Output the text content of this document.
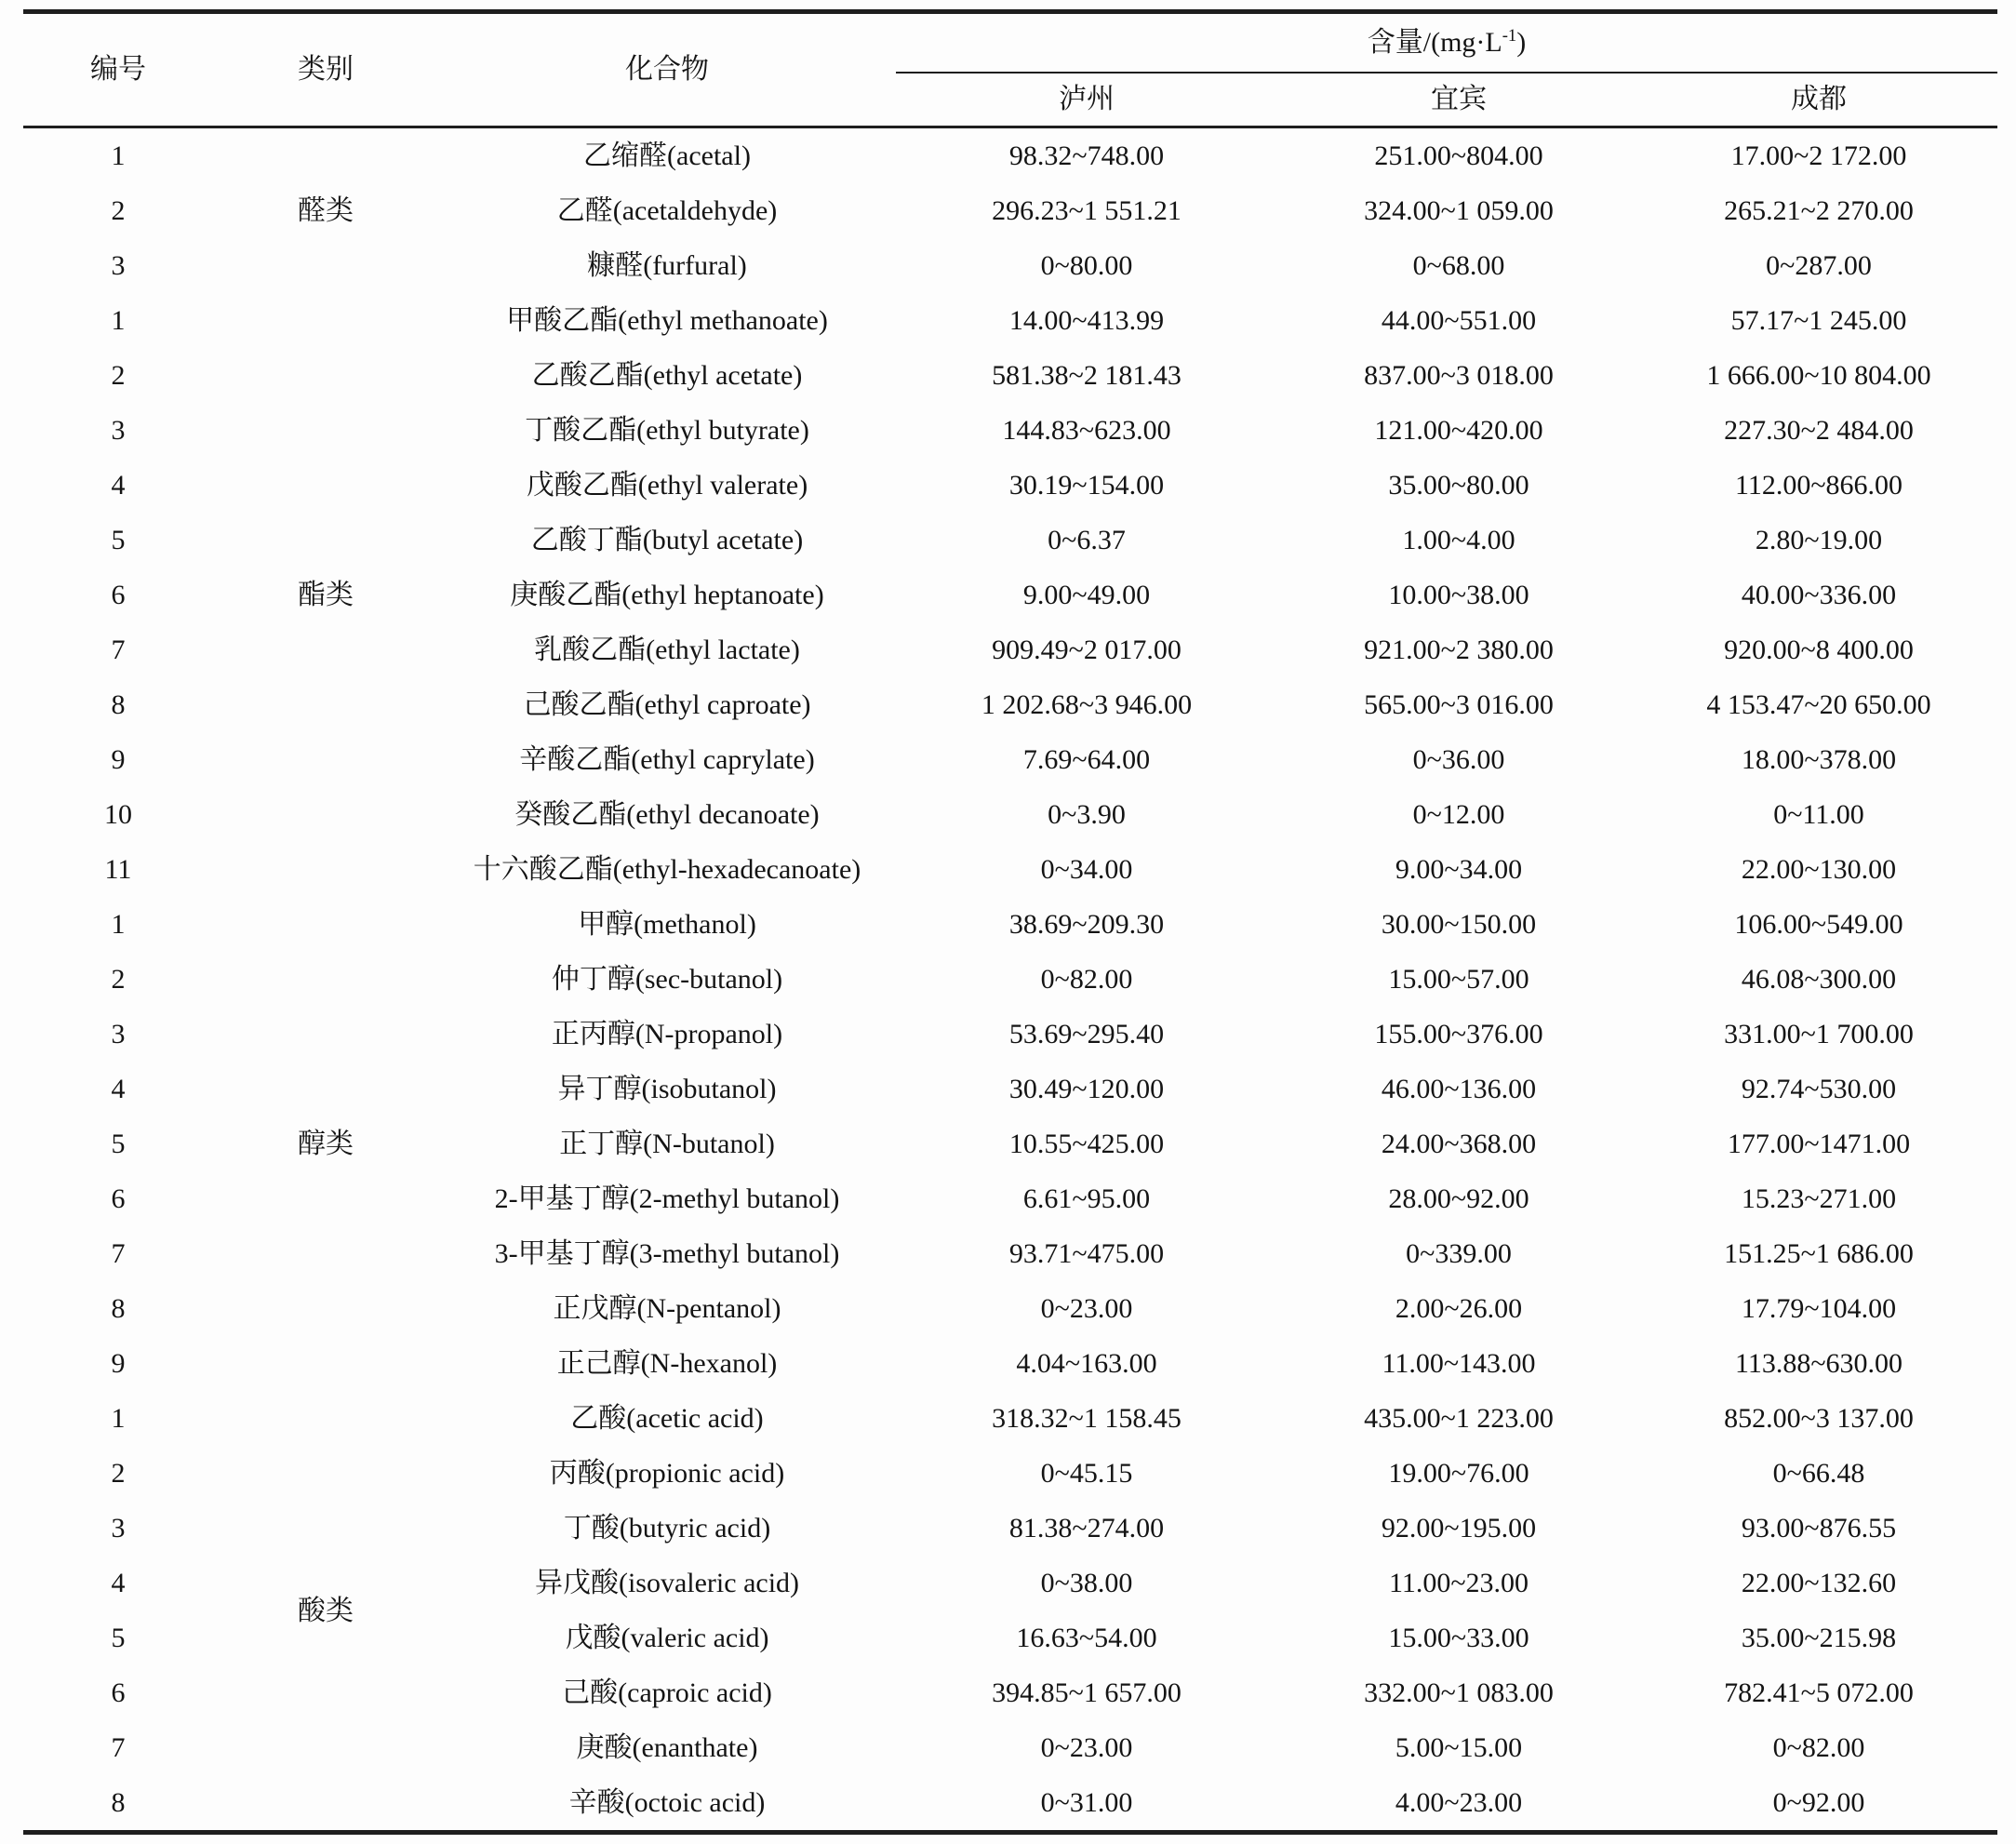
编号	类别	化合物	含量$/(mg\cdot L^{-1})$		
			泸州	宜宾	成都
1	醛类	乙缩醛(acetal)	98.32~748.00	251.00~804.00	17.00~2 172.00
2		乙醛(acetaldehyde)	296.23~1 551.21	324.00~1 059.00	265.21~2 270.00
3		糠醛(furfural)	0~80.00	0~68.00	0~287.00
1	酯类	甲酸乙酯(ethyl methanoate)	14.00~413.99	44.00~551.00	57.17~1 245.00
2		乙酸乙酯(ethyl acetate)	581.38~2 181.43	837.00~3 018.00	1 666.00~10 804.00
3		丁酸乙酯(ethyl butyrate)	144.83~623.00	121.00~420.00	227.30~2 484.00
4		戊酸乙酯(ethyl valerate)	30.19~154.00	35.00~80.00	112.00~866.00
5		乙酸丁酯(butyl acetate)	0~6.37	1.00~4.00	2.80~19.00
6		庚酸乙酯(ethyl heptanoate)	9.00~49.00	10.00~38.00	40.00~336.00
7		乳酸乙酯(ethyl lactate)	909.49~2 017.00	921.00~2 380.00	920.00~8 400.00
8		己酸乙酯(ethyl caproate)	1 202.68~3 946.00	565.00~3 016.00	4 153.47~20 650.00
9		辛酸乙酯(ethyl caprylate)	7.69~64.00	0~36.00	18.00~378.00
10		癸酸乙酯(ethyl decanoate)	0~3.90	0~12.00	0~11.00
11		十六酸乙酯(ethyl-hexadecanoate)	0~34.00	9.00~34.00	22.00~130.00
1	醇类	甲醇(methanol)	38.69~209.30	30.00~150.00	106.00~549.00
2		仲丁醇(sec-butanol)	0~82.00	15.00~57.00	46.08~300.00
3		正丙醇(N-propanol)	53.69~295.40	155.00~376.00	331.00~1 700.00
4		异丁醇(isobutanol)	30.49~120.00	46.00~136.00	92.74~530.00
5		正丁醇(N-butanol)	10.55~425.00	24.00~368.00	177.00~1471.00
6		2-甲基丁醇(2-methyl butanol)	6.61~95.00	28.00~92.00	15.23~271.00
7		3-甲基丁醇(3-methyl butanol)	93.71~475.00	0~339.00	151.25~1 686.00
8		正戊醇(N-pentanol)	0~23.00	2.00~26.00	17.79~104.00
9		正己醇(N-hexanol)	4.04~163.00	11.00~143.00	113.88~630.00
1	酸类	乙酸(acetic acid)	318.32~1 158.45	435.00~1 223.00	852.00~3 137.00
2		丙酸(propionic acid)	0~45.15	19.00~76.00	0~66.48
3		丁酸(butyric acid)	81.38~274.00	92.00~195.00	93.00~876.55
4		异戊酸(isovaleric acid)	0~38.00	11.00~23.00	22.00~132.60
5		戊酸(valeric acid)	16.63~54.00	15.00~33.00	35.00~215.98
6		己酸(caproic acid)	394.85~1 657.00	332.00~1 083.00	782.41~5 072.00
7		庚酸(enanthate)	0~23.00	5.00~15.00	0~82.00
8		辛酸(octoic acid)	0~31.00	4.00~23.00	0~92.00
